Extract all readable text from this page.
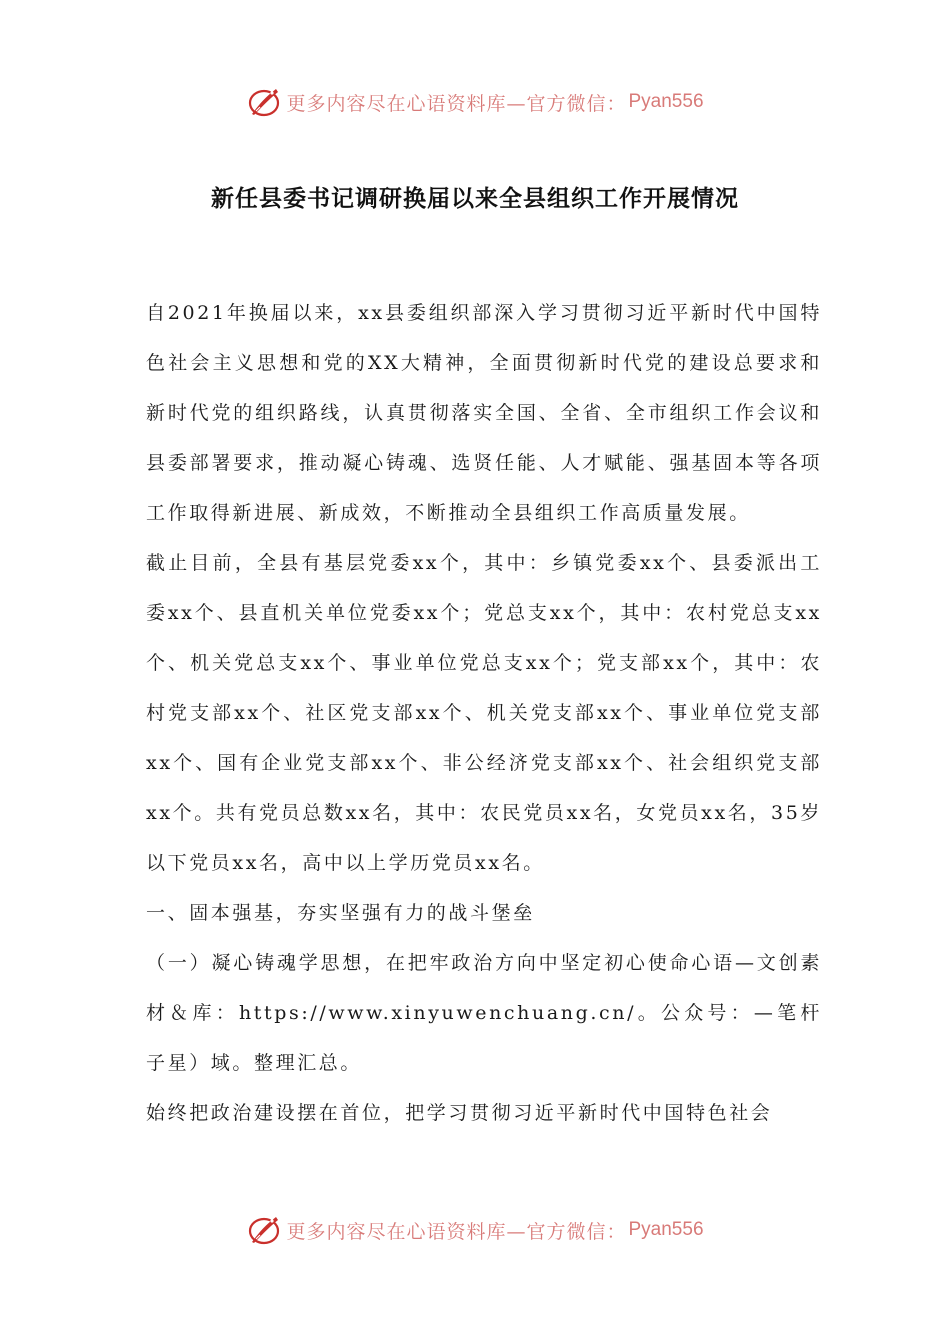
更多内容尽在心语资料库—官方微信： Pyan556
新任县委书记调研换届以来全县组织工作开展情况

自2021年换届以来，xx县委组织部深入学习贯彻习近平新时代中国特色社会主义思想和党的XX大精神，全面贯彻新时代党的建设总要求和新时代党的组织路线，认真贯彻落实全国、全省、全市组织工作会议和县委部署要求，推动凝心铸魂、选贤任能、人才赋能、强基固本等各项工作取得新进展、新成效，不断推动全县组织工作高质量发展。

截止目前，全县有基层党委xx个，其中：乡镇党委xx个、县委派出工委xx个、县直机关单位党委xx个；党总支xx个，其中：农村党总支xx个、机关党总支xx个、事业单位党总支xx个；党支部xx个，其中：农村党支部xx个、社区党支部xx个、机关党支部xx个、事业单位党支部xx个、国有企业党支部xx个、非公经济党支部xx个、社会组织党支部xx个。共有党员总数xx名，其中：农民党员xx名，女党员xx名，35岁以下党员xx名，高中以上学历党员xx名。

一、固本强基，夯实坚强有力的战斗堡垒

（一）凝心铸魂学思想，在把牢政治方向中坚定初心使命心语—文创素材＆库：https://www.xinyuwenchuang.cn/。公众号：—笔杆子星）域。整理汇总。

始终把政治建设摆在首位，把学习贯彻习近平新时代中国特色社会

更多内容尽在心语资料库—官方微信： Pyan556
